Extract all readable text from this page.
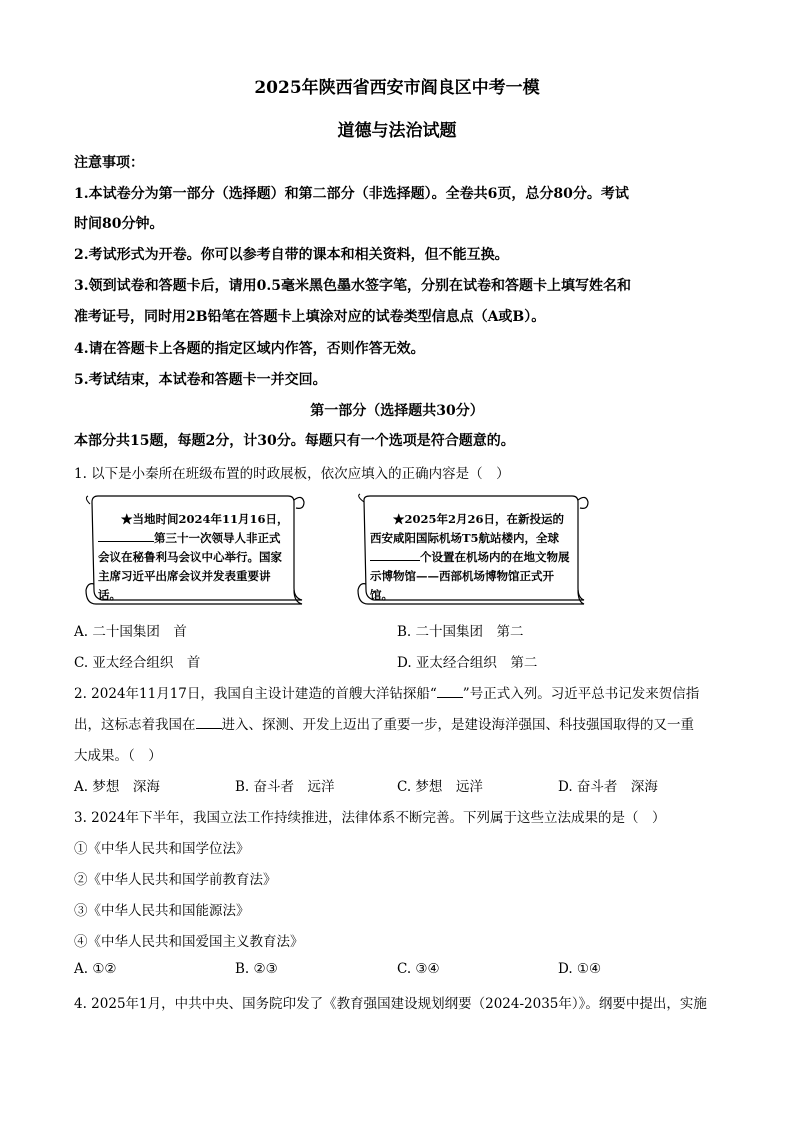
2025年陕西省西安市阎良区中考一模
道德与法治试题
注意事项：
1.本试卷分为第一部分（选择题）和第二部分（非选择题）。全卷共6页，总分80分。考试
时间80分钟。
2.考试形式为开卷。你可以参考自带的课本和相关资料，但不能互换。
3.领到试卷和答题卡后，请用0.5毫米黑色墨水签字笔，分别在试卷和答题卡上填写姓名和
准考证号，同时用2B铅笔在答题卡上填涂对应的试卷类型信息点（A或B）。
4.请在答题卡上各题的指定区域内作答，否则作答无效。
5.考试结束，本试卷和答题卡一并交回。
第一部分（选择题共30分）
本部分共15题，每题2分，计30分。每题只有一个选项是符合题意的。
1. 以下是小秦所在班级布置的时政展板，依次应填入的正确内容是（　）
★当地时间2024年11月16日，第三十一次领导人非正式会议在秘鲁利马会议中心举行。国家主席习近平出席会议并发表重要讲话。
★2025年2月26日，在新投运的西安咸阳国际机场T5航站楼内，全球个设置在机场内的在地文物展示博物馆——西部机场博物馆正式开馆。
A. 二十国集团　首	B. 二十国集团　第二
C. 亚太经合组织　首	D. 亚太经合组织　第二
2. 2024年11月17日，我国自主设计建造的首艘大洋钻探船“ ”号正式入列。习近平总书记发来贺信指
出，这标志着我国在 进入、探测、开发上迈出了重要一步，是建设海洋强国、科技强国取得的又一重
大成果。（　）
A. 梦想　深海	B. 奋斗者　远洋	C. 梦想　远洋	D. 奋斗者　深海
3. 2024年下半年，我国立法工作持续推进，法律体系不断完善。下列属于这些立法成果的是（　）
①《中华人民共和国学位法》
②《中华人民共和国学前教育法》
③《中华人民共和国能源法》
④《中华人民共和国爱国主义教育法》
A. ①②	B. ②③	C. ③④	D. ①④
4. 2025年1月，中共中央、国务院印发了《教育强国建设规划纲要（2024-2035年）》。纲要中提出，实施
